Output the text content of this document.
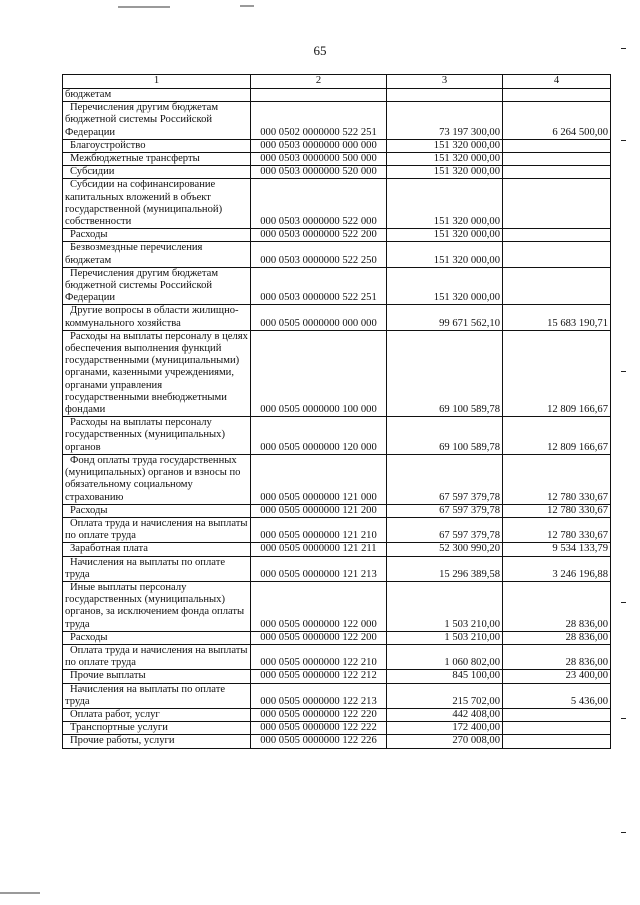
65
1	2	3	4
бюджетам			
Перечисления другим бюджетам бюджетной системы Российской Федерации	000 0502 0000000 522 251	73 197 300,00	6 264 500,00
Благоустройство	000 0503 0000000 000 000	151 320 000,00	
Межбюджетные трансферты	000 0503 0000000 500 000	151 320 000,00	
Субсидии	000 0503 0000000 520 000	151 320 000,00	
Субсидии на софинансирование капитальных вложений в объект государственной (муниципальной) собственности	000 0503 0000000 522 000	151 320 000,00	
Расходы	000 0503 0000000 522 200	151 320 000,00	
Безвозмездные перечисления бюджетам	000 0503 0000000 522 250	151 320 000,00	
Перечисления другим бюджетам бюджетной системы Российской Федерации	000 0503 0000000 522 251	151 320 000,00	
Другие вопросы в области жилищно-коммунального хозяйства	000 0505 0000000 000 000	99 671 562,10	15 683 190,71
Расходы на выплаты персоналу в целях обеспечения выполнения функций государственными (муниципальными) органами, казенными учреждениями, органами управления государственными внебюджетными фондами	000 0505 0000000 100 000	69 100 589,78	12 809 166,67
Расходы на выплаты персоналу государственных (муниципальных) органов	000 0505 0000000 120 000	69 100 589,78	12 809 166,67
Фонд оплаты труда государственных (муниципальных) органов и взносы по обязательному социальному страхованию	000 0505 0000000 121 000	67 597 379,78	12 780 330,67
Расходы	000 0505 0000000 121 200	67 597 379,78	12 780 330,67
Оплата труда и начисления на выплаты по оплате труда	000 0505 0000000 121 210	67 597 379,78	12 780 330,67
Заработная плата	000 0505 0000000 121 211	52 300 990,20	9 534 133,79
Начисления на выплаты по оплате труда	000 0505 0000000 121 213	15 296 389,58	3 246 196,88
Иные выплаты персоналу государственных (муниципальных) органов, за исключением фонда оплаты труда	000 0505 0000000 122 000	1 503 210,00	28 836,00
Расходы	000 0505 0000000 122 200	1 503 210,00	28 836,00
Оплата труда и начисления на выплаты по оплате труда	000 0505 0000000 122 210	1 060 802,00	28 836,00
Прочие выплаты	000 0505 0000000 122 212	845 100,00	23 400,00
Начисления на выплаты по оплате труда	000 0505 0000000 122 213	215 702,00	5 436,00
Оплата работ, услуг	000 0505 0000000 122 220	442 408,00	
Транспортные услуги	000 0505 0000000 122 222	172 400,00	
Прочие работы, услуги	000 0505 0000000 122 226	270 008,00	
